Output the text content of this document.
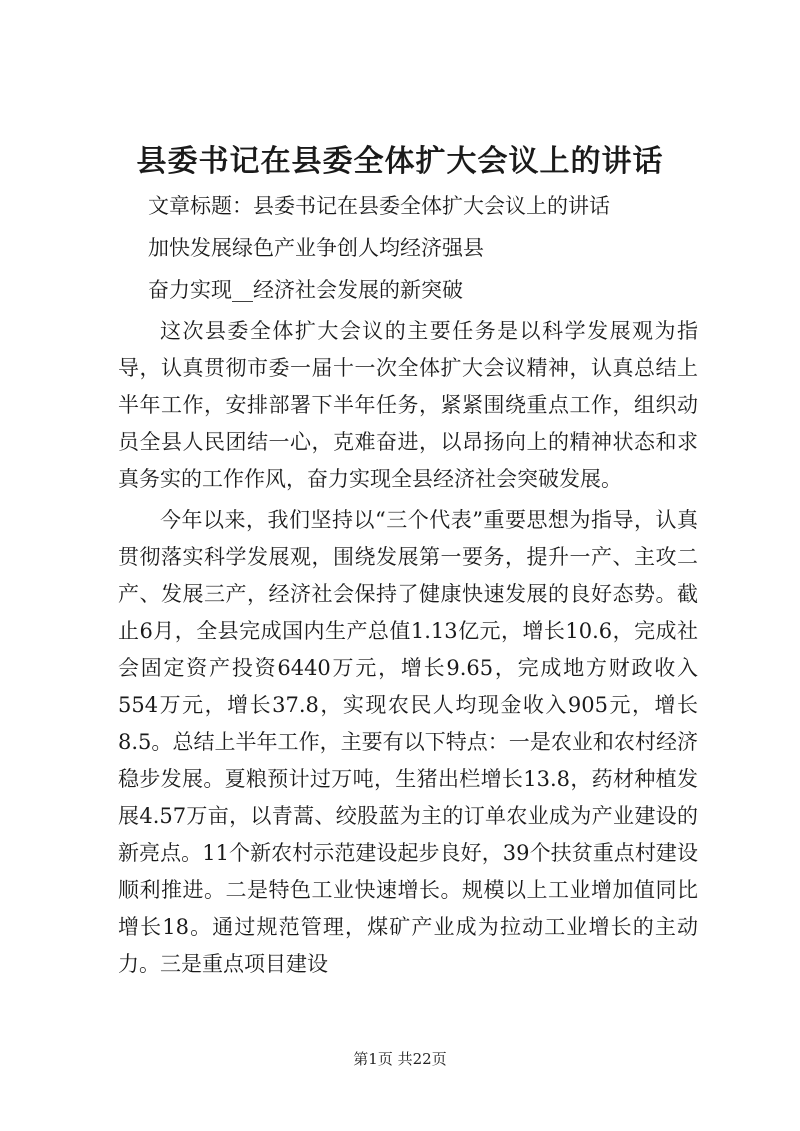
县委书记在县委全体扩大会议上的讲话
文章标题：县委书记在县委全体扩大会议上的讲话
加快发展绿色产业争创人均经济强县
奋力实现__经济社会发展的新突破

这次县委全体扩大会议的主要任务是以科学发展观为指导，认真贯彻市委一届十一次全体扩大会议精神，认真总结上半年工作，安排部署下半年任务，紧紧围绕重点工作，组织动员全县人民团结一心，克难奋进，以昂扬向上的精神状态和求真务实的工作作风，奋力实现全县经济社会突破发展。

今年以来，我们坚持以“三个代表”重要思想为指导，认真贯彻落实科学发展观，围绕发展第一要务，提升一产、主攻二产、发展三产，经济社会保持了健康快速发展的良好态势。截止6月，全县完成国内生产总值1.13亿元，增长10.6，完成社会固定资产投资6440万元，增长9.65，完成地方财政收入554万元，增长37.8，实现农民人均现金收入905元，增长8.5。总结上半年工作，主要有以下特点：一是农业和农村经济稳步发展。夏粮预计过万吨，生猪出栏增长13.8，药材种植发展4.57万亩，以青蒿、绞股蓝为主的订单农业成为产业建设的新亮点。11个新农村示范建设起步良好，39个扶贫重点村建设顺利推进。二是特色工业快速增长。规模以上工业增加值同比增长18。通过规范管理，煤矿产业成为拉动工业增长的主动力。三是重点项目建设

第1页 共22页
